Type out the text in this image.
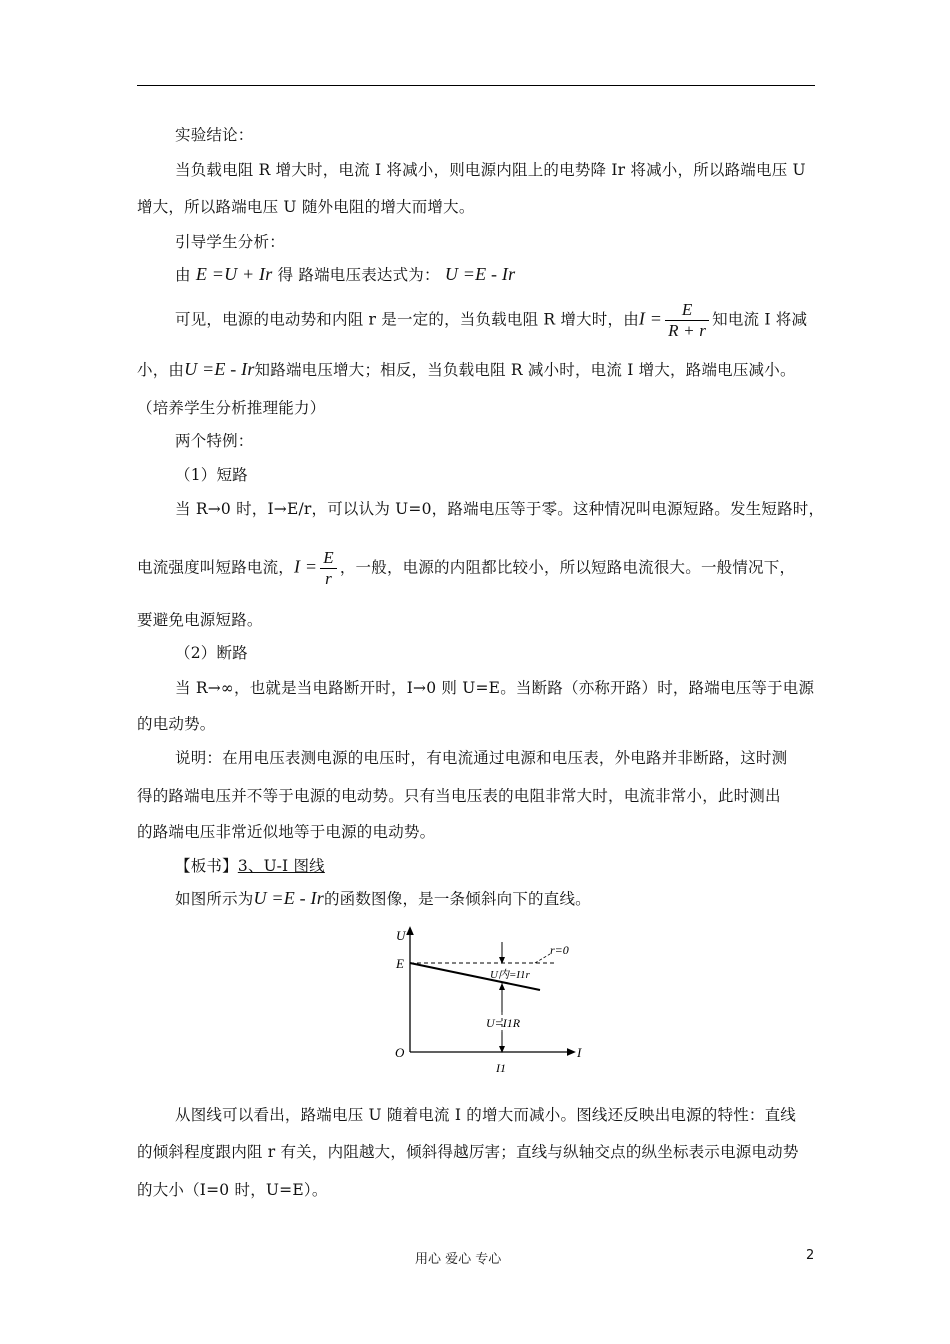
实验结论：
当负载电阻 R 增大时，电流 I 将减小，则电源内阻上的电势降 Ir 将减小，所以路端电压 U
增大，所以路端电压 U 随外电阻的增大而增大。
引导学生分析：
由 E =U + Ir 得 路端电压表达式为： U =E - Ir
可见，电源的电动势和内阻 r 是一定的，当负载电阻 R 增大时，由$I = \frac{E}{R + r}$ 知电流 I 将减
小，由U =E - Ir知路端电压增大；相反，当负载电阻 R 减小时，电流 I 增大，路端电压减小。
（培养学生分析推理能力）
两个特例：
（1）短路
当 R→0 时，I→E/r，可以认为 U=0，路端电压等于零。这种情况叫电源短路。发生短路时，
电流强度叫短路电流，$I = \frac{E}{r}$ ，一般，电源的内阻都比较小，所以短路电流很大。一般情况下，
要避免电源短路。
（2）断路
当 R→∞，也就是当电路断开时，I→0 则 U=E。当断路（亦称开路）时，路端电压等于电源
的电动势。
说明：在用电压表测电源的电压时，有电流通过电源和电压表，外电路并非断路，这时测
得的路端电压并不等于电源的电动势。只有当电压表的电阻非常大时，电流非常小，此时测出
的路端电压非常近似地等于电源的电动势。
【板书】3、U-I 图线
如图所示为U =E - Ir的函数图像，是一条倾斜向下的直线。
U
I
O
E
r=0
U内=I1r
U=I1R
I1
从图线可以看出，路端电压 U 随着电流 I 的增大而减小。图线还反映出电源的特性：直线
的倾斜程度跟内阻 r 有关，内阻越大，倾斜得越厉害；直线与纵轴交点的纵坐标表示电源电动势
的大小（I=0 时，U=E）。
用心 爱心 专心	2
